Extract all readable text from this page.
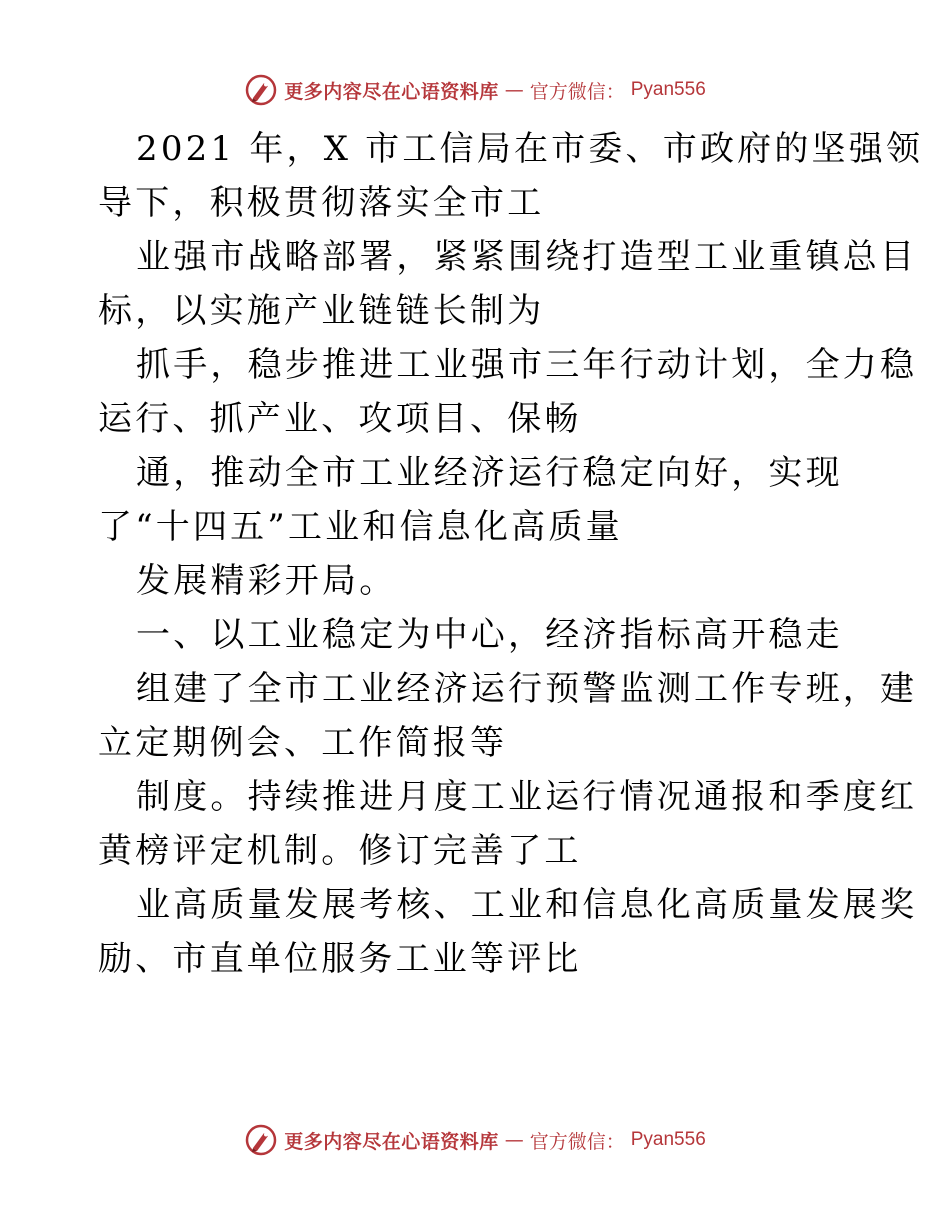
更多内容尽在心语资料库 — 官方微信： Pyan556
2021 年，X 市工信局在市委、市政府的坚强领
导下，积极贯彻落实全市工
业强市战略部署，紧紧围绕打造型工业重镇总目
标，以实施产业链链长制为
抓手，稳步推进工业强市三年行动计划，全力稳
运行、抓产业、攻项目、保畅
通，推动全市工业经济运行稳定向好，实现
了“十四五”工业和信息化高质量
发展精彩开局。
一、以工业稳定为中心，经济指标高开稳走
组建了全市工业经济运行预警监测工作专班，建
立定期例会、工作简报等
制度。持续推进月度工业运行情况通报和季度红
黄榜评定机制。修订完善了工
业高质量发展考核、工业和信息化高质量发展奖
励、市直单位服务工业等评比
更多内容尽在心语资料库 — 官方微信： Pyan556
